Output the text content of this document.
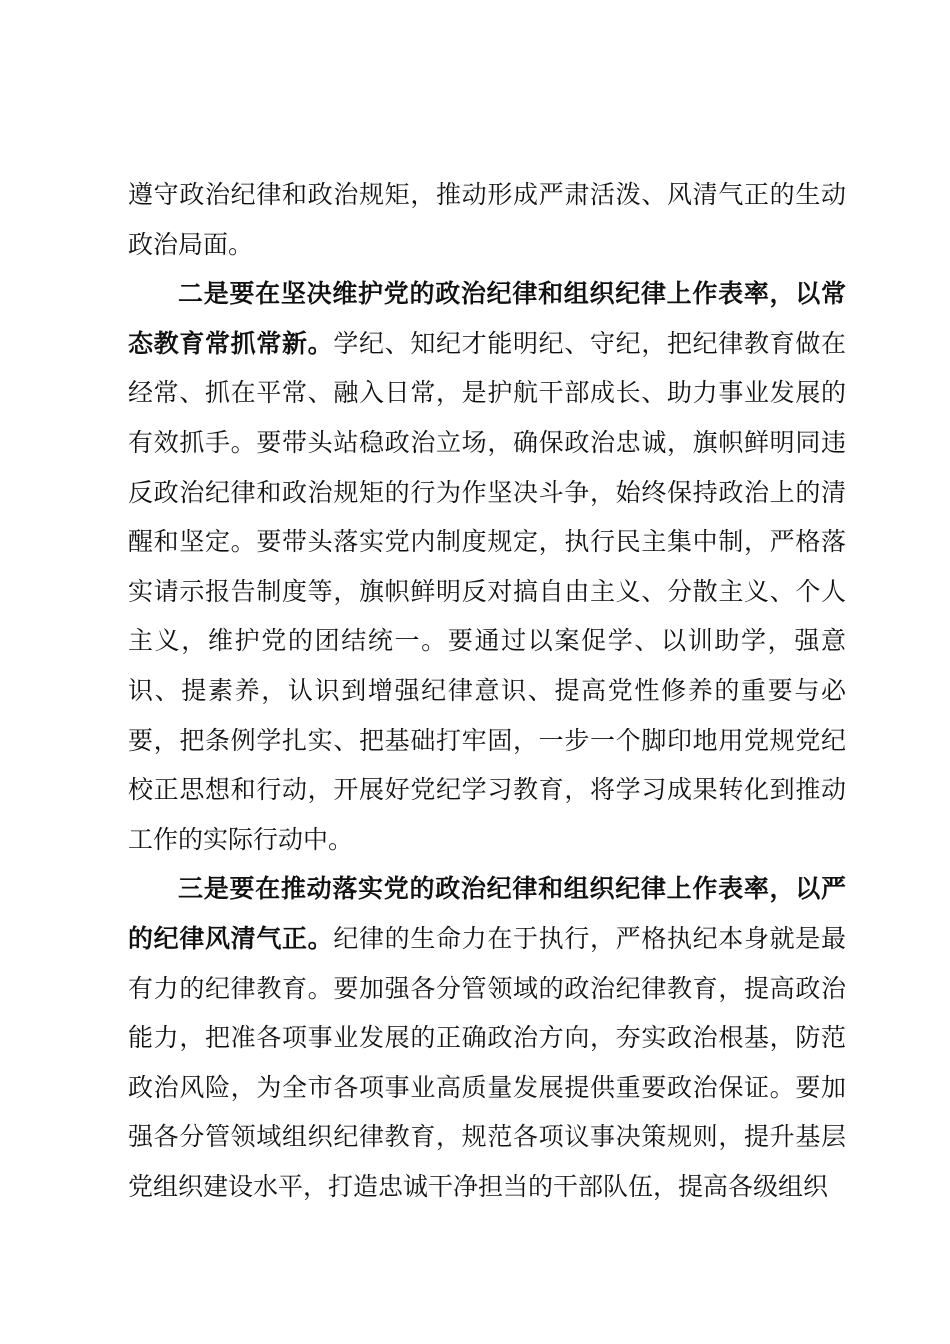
遵守政治纪律和政治规矩，推动形成严肃活泼、风清气正的生动政治局面。

二是要在坚决维护党的政治纪律和组织纪律上作表率，以常态教育常抓常新。学纪、知纪才能明纪、守纪，把纪律教育做在经常、抓在平常、融入日常，是护航干部成长、助力事业发展的有效抓手。要带头站稳政治立场，确保政治忠诚，旗帜鲜明同违反政治纪律和政治规矩的行为作坚决斗争，始终保持政治上的清醒和坚定。要带头落实党内制度规定，执行民主集中制，严格落实请示报告制度等，旗帜鲜明反对搞自由主义、分散主义、个人主义，维护党的团结统一。要通过以案促学、以训助学，强意识、提素养，认识到增强纪律意识、提高党性修养的重要与必要，把条例学扎实、把基础打牢固，一步一个脚印地用党规党纪校正思想和行动，开展好党纪学习教育，将学习成果转化到推动工作的实际行动中。

三是要在推动落实党的政治纪律和组织纪律上作表率，以严的纪律风清气正。纪律的生命力在于执行，严格执纪本身就是最有力的纪律教育。要加强各分管领域的政治纪律教育，提高政治能力，把准各项事业发展的正确政治方向，夯实政治根基，防范政治风险，为全市各项事业高质量发展提供重要政治保证。要加强各分管领域组织纪律教育，规范各项议事决策规则，提升基层党组织建设水平，打造忠诚干净担当的干部队伍，提高各级组织
